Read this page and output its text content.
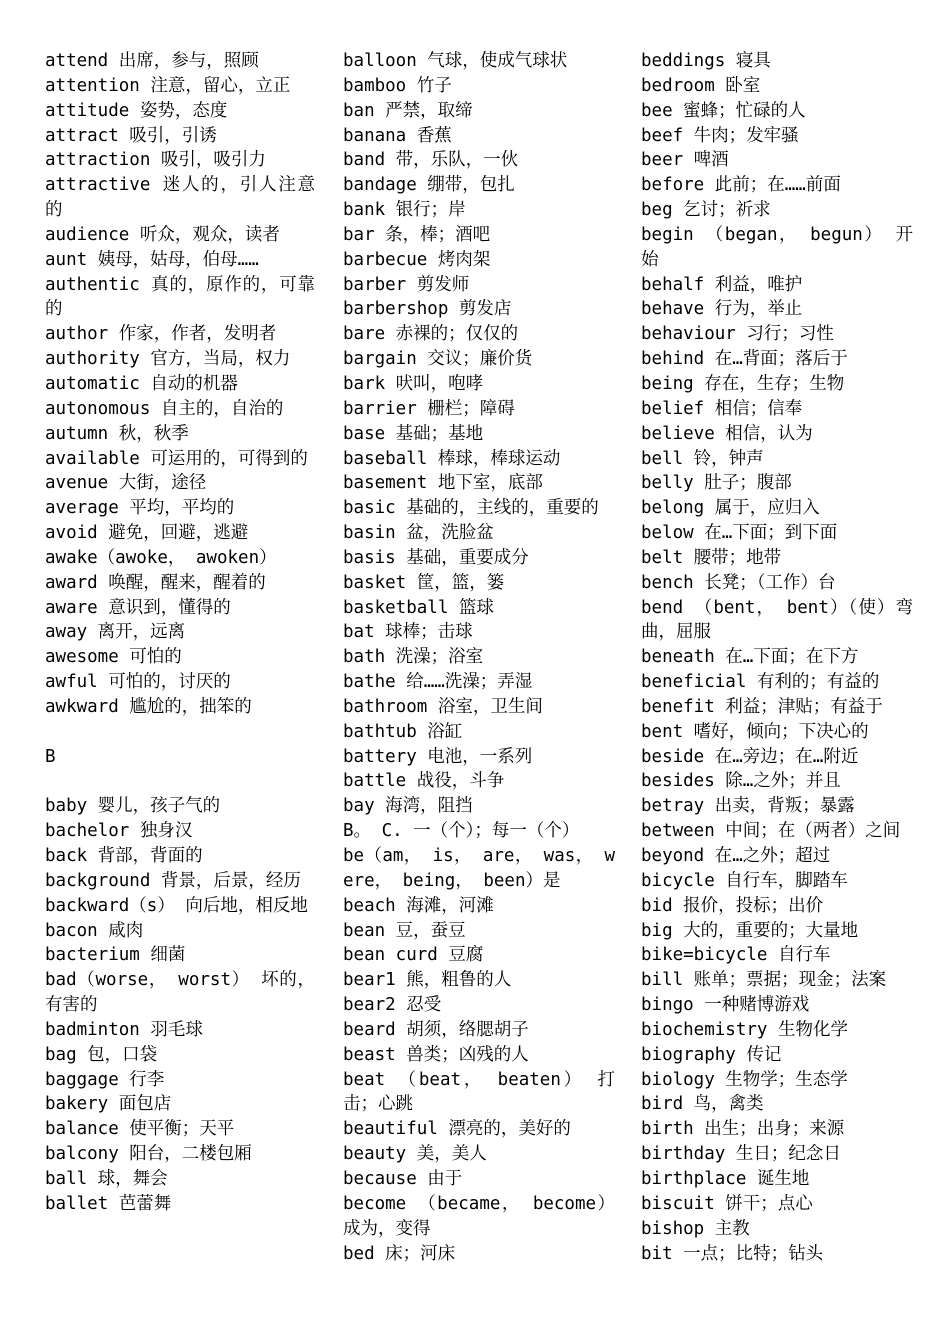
attend 出席，参与，照顾

attention 注意，留心，立正

attitude 姿势，态度

attract 吸引，引诱

attraction 吸引，吸引力

attractive 迷人的，引人注意的

audience 听众，观众，读者

aunt 姨母，姑母，伯母……

authentic 真的，原作的，可靠的

author 作家，作者，发明者

authority 官方，当局，权力

automatic 自动的机器

autonomous 自主的，自治的

autumn 秋，秋季

available 可运用的，可得到的

avenue 大街，途径

average 平均，平均的

avoid 避免，回避，逃避

awake（awoke， awoken）

award 唤醒，醒来，醒着的

aware 意识到，懂得的

away 离开，远离

awesome 可怕的

awful 可怕的，讨厌的

awkward 尴尬的，拙笨的

B

baby 婴儿，孩子气的

bachelor 独身汉

back 背部，背面的

background 背景，后景，经历

backward（s） 向后地，相反地

bacon 咸肉

bacterium 细菌

bad（worse， worst） 坏的，有害的

badminton 羽毛球

bag 包，口袋

baggage 行李

bakery 面包店

balance 使平衡；天平

balcony 阳台，二楼包厢

ball 球，舞会

ballet 芭蕾舞

balloon 气球，使成气球状

bamboo 竹子

ban 严禁，取缔

banana 香蕉

band 带，乐队，一伙

bandage 绷带，包扎

bank 银行；岸

bar 条，棒；酒吧

barbecue 烤肉架

barber 剪发师

barbershop 剪发店

bare 赤裸的；仅仅的

bargain 交议；廉价货

bark 吠叫，咆哮

barrier 栅栏；障碍

base 基础；基地

baseball 棒球，棒球运动

basement 地下室，底部

basic 基础的，主线的，重要的

basin 盆，洗脸盆

basis 基础，重要成分

basket 筐，篮，篓

basketball 篮球

bat 球棒；击球

bath 洗澡；浴室

bathe 给……洗澡；弄湿

bathroom 浴室，卫生间

bathtub 浴缸

battery 电池，一系列

battle 战役，斗争

bay 海湾，阻挡

B。 C. 一（个）；每一（个）

be（am， is， are， was， were， being， been）是

beach 海滩，河滩

bean 豆，蚕豆

bean curd 豆腐

bear1 熊，粗鲁的人

bear2 忍受

beard 胡须，络腮胡子

beast 兽类；凶残的人

beat （beat， beaten） 打击；心跳

beautiful 漂亮的，美好的

beauty 美，美人

because 由于

become （became， become）成为，变得

bed 床；河床

beddings 寝具

bedroom 卧室

bee 蜜蜂；忙碌的人

beef 牛肉；发牢骚

beer 啤酒

before 此前；在……前面

beg 乞讨；祈求

begin （began， begun） 开始

behalf 利益，唯护

behave 行为，举止

behaviour 习行；习性

behind 在…背面；落后于

being 存在，生存；生物

belief 相信；信奉

believe 相信，认为

bell 铃，钟声

belly 肚子；腹部

belong 属于，应归入

below 在…下面；到下面

belt 腰带；地带

bench 长凳；（工作）台

bend （bent， bent）（使）弯曲，屈服

beneath 在…下面；在下方

beneficial 有利的；有益的

benefit 利益；津贴；有益于

bent 嗜好，倾向；下决心的

beside 在…旁边；在…附近

besides 除…之外；并且

betray 出卖，背叛；暴露

between 中间；在（两者）之间

beyond 在…之外；超过

bicycle 自行车，脚踏车

bid 报价，投标；出价

big 大的，重要的；大量地

bike=bicycle 自行车

bill 账单；票据；现金；法案

bingo 一种赌博游戏

biochemistry 生物化学

biography 传记

biology 生物学；生态学

bird 鸟，禽类

birth 出生；出身；来源

birthday 生日；纪念日

birthplace 诞生地

biscuit 饼干；点心

bishop 主教

bit 一点；比特；钻头
